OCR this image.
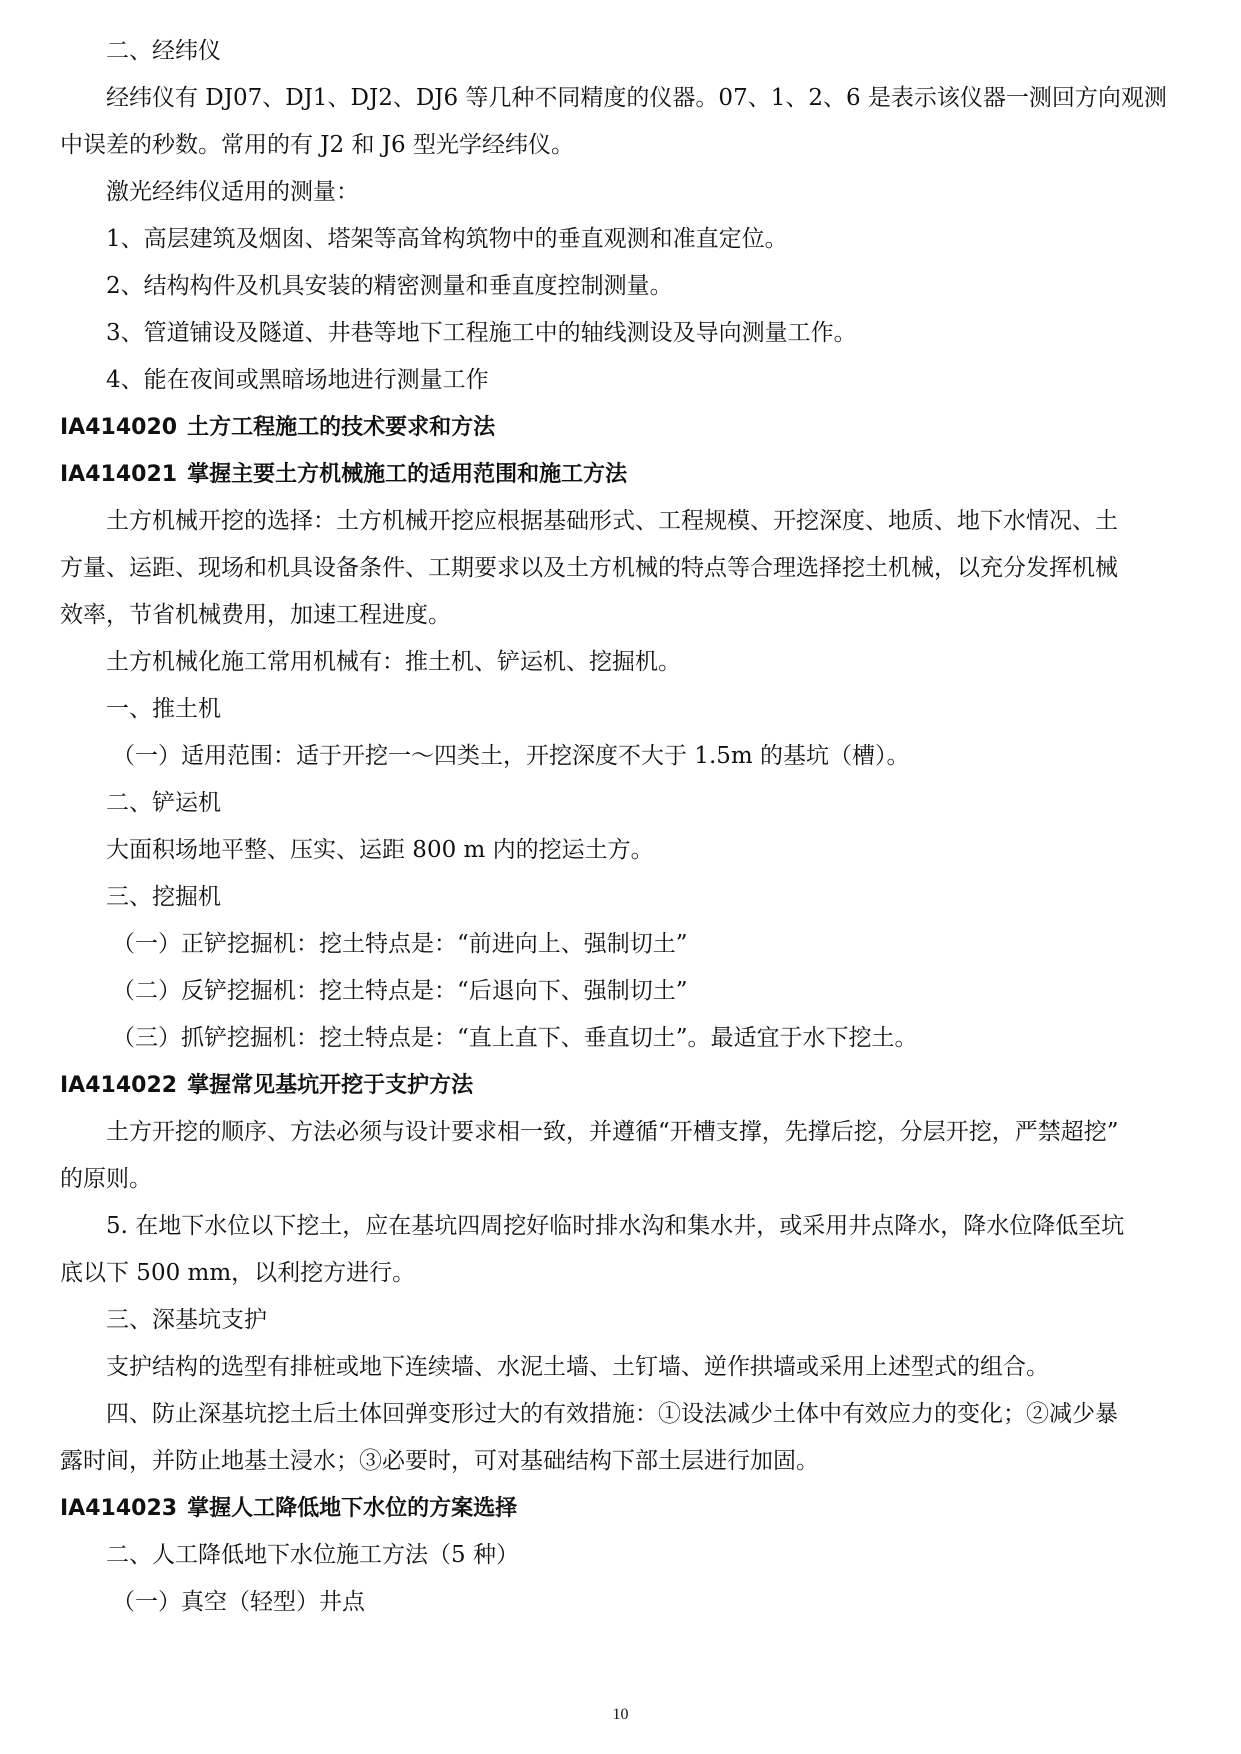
二、经纬仪
经纬仪有 DJ07、DJ1、DJ2、DJ6 等几种不同精度的仪器。07、1、2、6 是表示该仪器一测回方向观测
中误差的秒数。常用的有 J2 和 J6 型光学经纬仪。
激光经纬仪适用的测量：
1、高层建筑及烟囱、塔架等高耸构筑物中的垂直观测和准直定位。
2、结构构件及机具安装的精密测量和垂直度控制测量。
3、管道铺设及隧道、井巷等地下工程施工中的轴线测设及导向测量工作。
4、能在夜间或黑暗场地进行测量工作
IA414020 土方工程施工的技术要求和方法
IA414021 掌握主要土方机械施工的适用范围和施工方法
土方机械开挖的选择：土方机械开挖应根据基础形式、工程规模、开挖深度、地质、地下水情况、土
方量、运距、现场和机具设备条件、工期要求以及土方机械的特点等合理选择挖土机械，以充分发挥机械
效率，节省机械费用，加速工程进度。
土方机械化施工常用机械有：推土机、铲运机、挖掘机。
一、推土机
（一）适用范围：适于开挖一～四类土，开挖深度不大于 1.5m 的基坑（槽）。
二、铲运机
大面积场地平整、压实、运距 800 m 内的挖运土方。
三、挖掘机
（一）正铲挖掘机：挖土特点是：“前进向上、强制切土”
（二）反铲挖掘机：挖土特点是：“后退向下、强制切土”
（三）抓铲挖掘机：挖土特点是：“直上直下、垂直切土”。最适宜于水下挖土。
IA414022 掌握常见基坑开挖于支护方法
土方开挖的顺序、方法必须与设计要求相一致，并遵循“开槽支撑，先撑后挖，分层开挖，严禁超挖”
的原则。
5. 在地下水位以下挖土，应在基坑四周挖好临时排水沟和集水井，或采用井点降水，降水位降低至坑
底以下 500 mm，以利挖方进行。
三、深基坑支护
支护结构的选型有排桩或地下连续墙、水泥土墙、土钉墙、逆作拱墙或采用上述型式的组合。
四、防止深基坑挖土后土体回弹变形过大的有效措施：①设法减少土体中有效应力的变化；②减少暴
露时间，并防止地基土浸水；③必要时，可对基础结构下部土层进行加固。
IA414023 掌握人工降低地下水位的方案选择
二、人工降低地下水位施工方法（5 种）
（一）真空（轻型）井点
10
